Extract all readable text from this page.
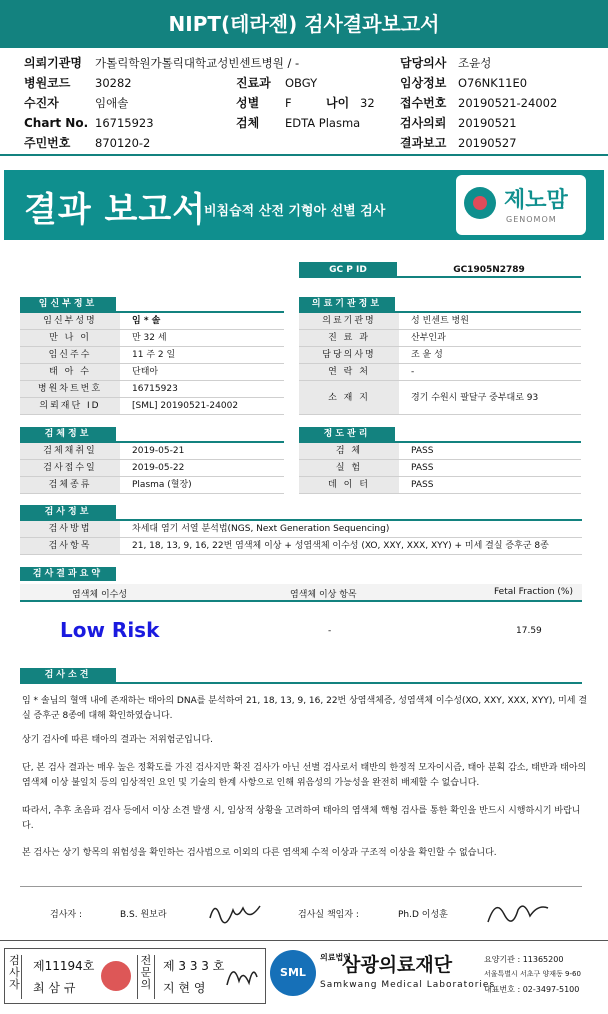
NIPT(테라젠) 검사결과보고서
의뢰기관명 가톨릭학원가톨릭대학교성빈센트병원 / -	담당의사 조윤성
병원코드 30282	진료과 OBGY	임상정보 O76NK11E0
수진자	임애솔	성별 F	나이 32 접수번호 20190521-24002
Chart No. 16715923	검체 EDTA Plasma	검사의뢰 20190521
주민번호 870120-2	결과보고 20190527
결과 보고서
비침습적 산전 기형아 선별 검사	제노맘
GENOMOM
GC P ID	GC1905N2789
임신부정보
임신부성명	임 * 솔
만 나 이	만 32 세
임신주수	11 주 2 일
태 아 수	단태아
병원차트번호	16715923
의뢰재단 ID	[SML] 20190521-24002
의료기관정보
의료기관명	성 빈센트 병원
진 료 과	산부인과
담당의사명	조 윤 성
연 락 처	-
소 재 지	경기 수원시 팔달구 중부대로 93
검체정보
검체채취일	2019-05-21
검사접수일	2019-05-22
검체종류	Plasma (혈장)
정도관리
검 체	PASS
실 험	PASS
데 이 터	PASS
검사정보
검사방법	차세대 염기 서열 분석법(NGS, Next Generation Sequencing)
검사항목	21, 18, 13, 9, 16, 22번 염색체 이상 + 성염색체 이수성 (XO, XXY, XXX, XYY) + 미세 결실 증후군 8종
검사결과요약
염색체 이수성	염색체 이상 항목	Fetal Fraction (%)
Low Risk	-	17.59
검사소견

임 * 솔님의 혈액 내에 존재하는 태아의 DNA를 분석하여 21, 18, 13, 9, 16, 22번 상염색체증, 성염색체 이수성(XO, XXY, XXX, XYY), 미세 결실 증후군 8종에 대해 확인하였습니다.

상기 검사에 따른 태아의 결과는 저위험군입니다.

단, 본 검사 결과는 매우 높은 정확도를 가진 검사지만 확진 검사가 아닌 선별 검사로서 태반의 한정적 모자이시즘, 태아 분획 감소, 태반과 태아의 염색체 이상 불일치 등의 임상적인 요인 및 기술의 한계 사항으로 인해 위음성의 가능성을 완전히 배제할 수 없습니다.

따라서, 추후 초음파 검사 등에서 이상 소견 발생 시, 임상적 상황을 고려하여 태아의 염색체 핵형 검사를 통한 확인을 반드시 시행하시기 바랍니다.

본 검사는 상기 항목의 위험성을 확인하는 검사법으로 이외의 다른 염색체 수적 이상과 구조적 이상을 확인할 수 없습니다.

검사자 :	B.S. 원보라	검사실 책임자 :	Ph.D 이성훈
검사자
제11194호
최 삼 규
전문의
제 3 3 3 호
지 현 영
SML
의료법인
삼광의료재단
Samkwang Medical Laboratories
요양기관 : 11365200
서울특별시 서초구 양재동 9-60
대표번호 : 02-3497-5100
